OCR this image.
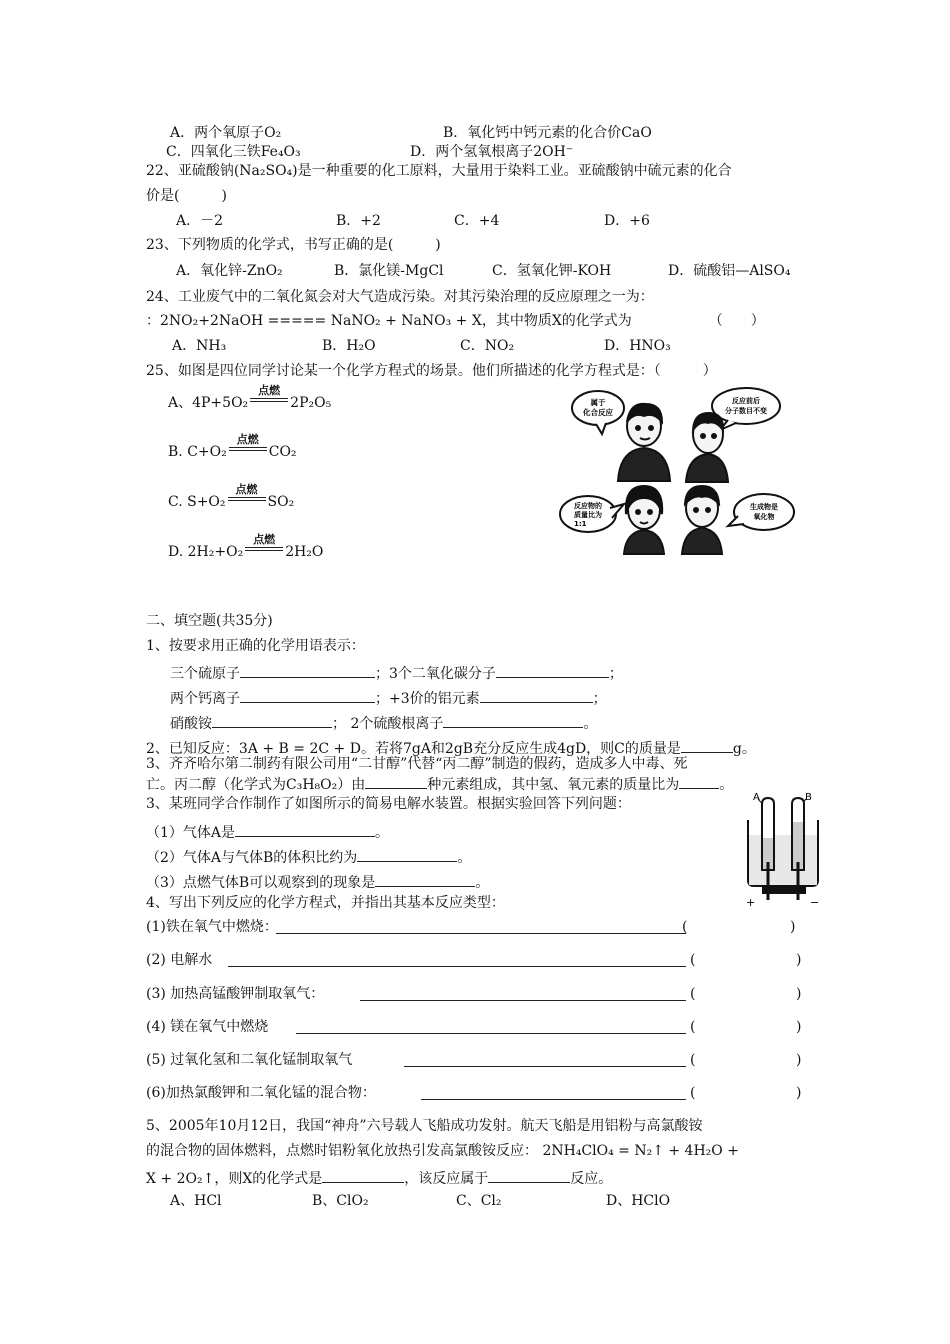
A．两个氧原子O₂	B．氧化钙中钙元素的化合价CaO
C．四氧化三铁Fe₄O₃	D．两个氢氧根离子2OH⁻
22、亚硫酸钠(Na₂SO₄)是一种重要的化工原料，大量用于染料工业。亚硫酸钠中硫元素的化合
价是(　　　)
A．－2	B．+2	C．+4	D．+6
23、下列物质的化学式，书写正确的是(　　　)
A．氧化锌-ZnO₂	B．氯化镁-MgCl	C．氢氧化钾-KOH	D．硫酸铝—AlSO₄
24、工业废气中的二氧化氮会对大气造成污染。对其污染治理的反应原理之一为：
：2NO₂+2NaOH ===== NaNO₂ + NaNO₃ + X，其中物质X的化学式为　　　　　　（　　）
A．NH₃	B．H₂O	C．NO₂	D．HNO₃
25、如图是四位同学讨论某一个化学方程式的场景。他们所描述的化学方程式是：（　　　）
A、4P+5O₂
点燃
2P₂O₅
B. C+O₂
点燃
CO₂
C. S+O₂
点燃
SO₂
D. 2H₂+O₂
点燃
2H₂O
属于
化合反应
反应前后
分子数目不变
反应物的
质量比为
1:1
生成物是
氧化物
二、填空题(共35分)
1、按要求用正确的化学用语表示：
三个硫原子	；3个二氧化碳分子	；
两个钙离子	；+3价的铝元素	；
硝酸铵	； 2个硫酸根离子	。
2、已知反应：3A + B = 2C + D。若将7gA和2gB充分反应生成4gD，则C的质量是	g。
3、齐齐哈尔第二制药有限公司用“二甘醇”代替“丙二醇”制造的假药，造成多人中毒、死
亡。丙二醇（化学式为C₃H₈O₂）由	种元素组成，其中氢、氧元素的质量比为	。
3、某班同学合作制作了如图所示的简易电解水装置。根据实验回答下列问题：
（1）气体A是	。
（2）气体A与气体B的体积比约为	。
（3）点燃气体B可以观察到的现象是	。
A	B
+	−
4、写出下列反应的化学方程式，并指出其基本反应类型：
(1)铁在氧气中燃烧：	(	)
(2) 电解水	(	)
(3) 加热高锰酸钾制取氧气：	(	)
(4) 镁在氧气中燃烧	(	)
(5) 过氧化氢和二氧化锰制取氧气	(	)
(6)加热氯酸钾和二氧化锰的混合物：	(	)
5、2005年10月12日，我国“神舟”六号载人飞船成功发射。航天飞船是用铝粉与高氯酸铵
的混合物的固体燃料，点燃时铝粉氧化放热引发高氯酸铵反应： 2NH₄ClO₄ = N₂↑ + 4H₂O +
X + 2O₂↑，则X的化学式是	，该反应属于	反应。
A、HCl	B、ClO₂	C、Cl₂	D、HClO
